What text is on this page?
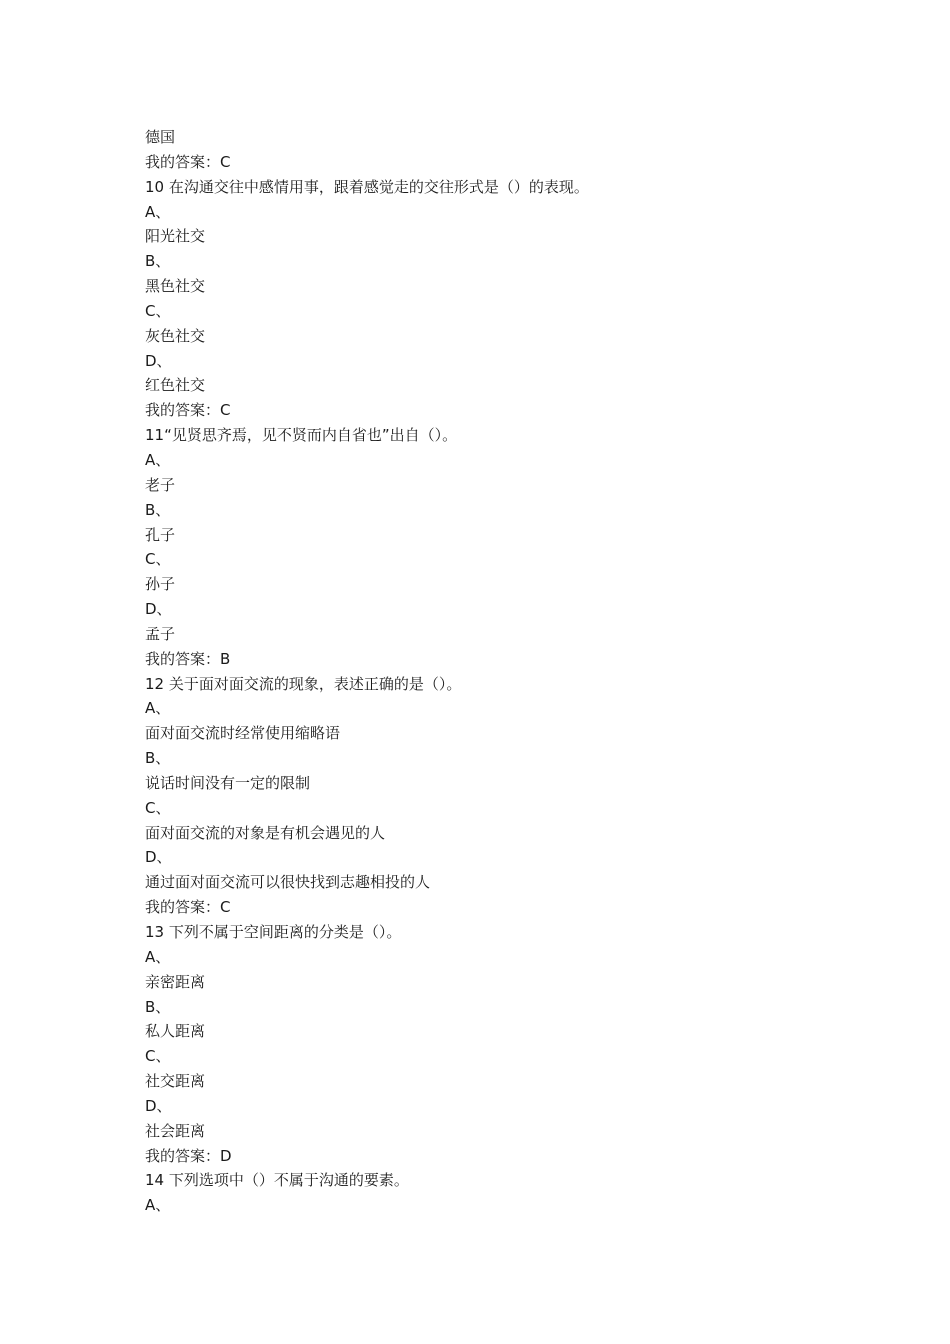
德国
我的答案：C
10 在沟通交往中感情用事，跟着感觉走的交往形式是（）的表现。
A、
阳光社交
B、
黑色社交
C、
灰色社交
D、
红色社交
我的答案：C
11“见贤思齐焉，见不贤而内自省也”出自（）。
A、
老子
B、
孔子
C、
孙子
D、
孟子
我的答案：B
12 关于面对面交流的现象，表述正确的是（）。
A、
面对面交流时经常使用缩略语
B、
说话时间没有一定的限制
C、
面对面交流的对象是有机会遇见的人
D、
通过面对面交流可以很快找到志趣相投的人
我的答案：C
13 下列不属于空间距离的分类是（）。
A、
亲密距离
B、
私人距离
C、
社交距离
D、
社会距离
我的答案：D
14 下列选项中（）不属于沟通的要素。
A、
